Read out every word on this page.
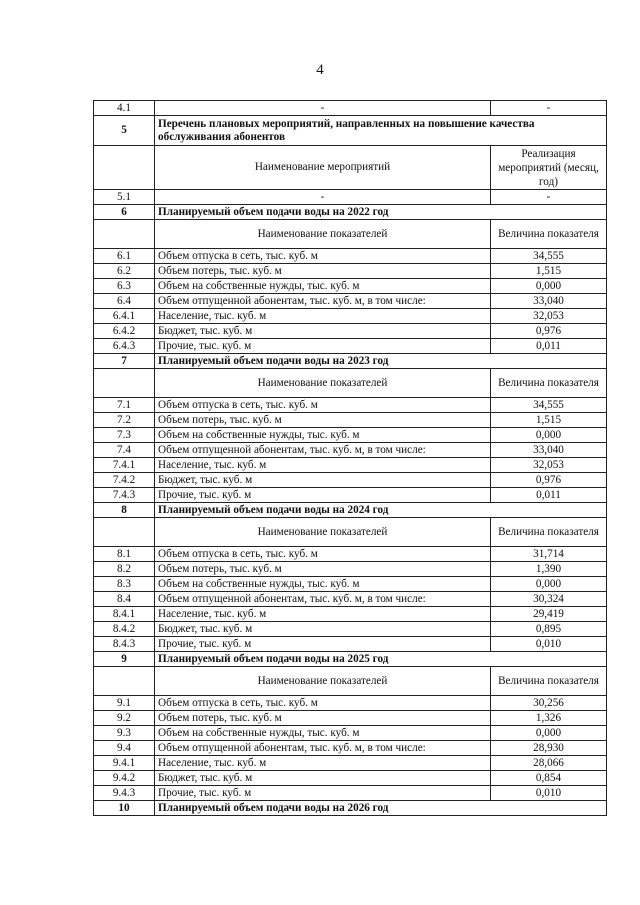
4
4.1	-	-
5	Перечень плановых мероприятий, направленных на повышение качества обслуживания абонентов	
	Наименование мероприятий	Реализация мероприятий (месяц, год)
5.1	-	-
6	Планируемый объем подачи воды на 2022 год	
	Наименование показателей	Величина показателя
6.1	Объем отпуска в сеть, тыс. куб. м	34,555
6.2	Объем потерь, тыс. куб. м	1,515
6.3	Объем на собственные нужды, тыс. куб. м	0,000
6.4	Объем отпущенной абонентам, тыс. куб. м, в том числе:	33,040
6.4.1	Население, тыс. куб. м	32,053
6.4.2	Бюджет, тыс. куб. м	0,976
6.4.3	Прочие, тыс. куб. м	0,011
7	Планируемый объем подачи воды на 2023 год	
	Наименование показателей	Величина показателя
7.1	Объем отпуска в сеть, тыс. куб. м	34,555
7.2	Объем потерь, тыс. куб. м	1,515
7.3	Объем на собственные нужды, тыс. куб. м	0,000
7.4	Объем отпущенной абонентам, тыс. куб. м, в том числе:	33,040
7.4.1	Население, тыс. куб. м	32,053
7.4.2	Бюджет, тыс. куб. м	0,976
7.4.3	Прочие, тыс. куб. м	0,011
8	Планируемый объем подачи воды на 2024 год	
	Наименование показателей	Величина показателя
8.1	Объем отпуска в сеть, тыс. куб. м	31,714
8.2	Объем потерь, тыс. куб. м	1,390
8.3	Объем на собственные нужды, тыс. куб. м	0,000
8.4	Объем отпущенной абонентам, тыс. куб. м, в том числе:	30,324
8.4.1	Население, тыс. куб. м	29,419
8.4.2	Бюджет, тыс. куб. м	0,895
8.4.3	Прочие, тыс. куб. м	0,010
9	Планируемый объем подачи воды на 2025 год	
	Наименование показателей	Величина показателя
9.1	Объем отпуска в сеть, тыс. куб. м	30,256
9.2	Объем потерь, тыс. куб. м	1,326
9.3	Объем на собственные нужды, тыс. куб. м	0,000
9.4	Объем отпущенной абонентам, тыс. куб. м, в том числе:	28,930
9.4.1	Население, тыс. куб. м	28,066
9.4.2	Бюджет, тыс. куб. м	0,854
9.4.3	Прочие, тыс. куб. м	0,010
10	Планируемый объем подачи воды на 2026 год	
